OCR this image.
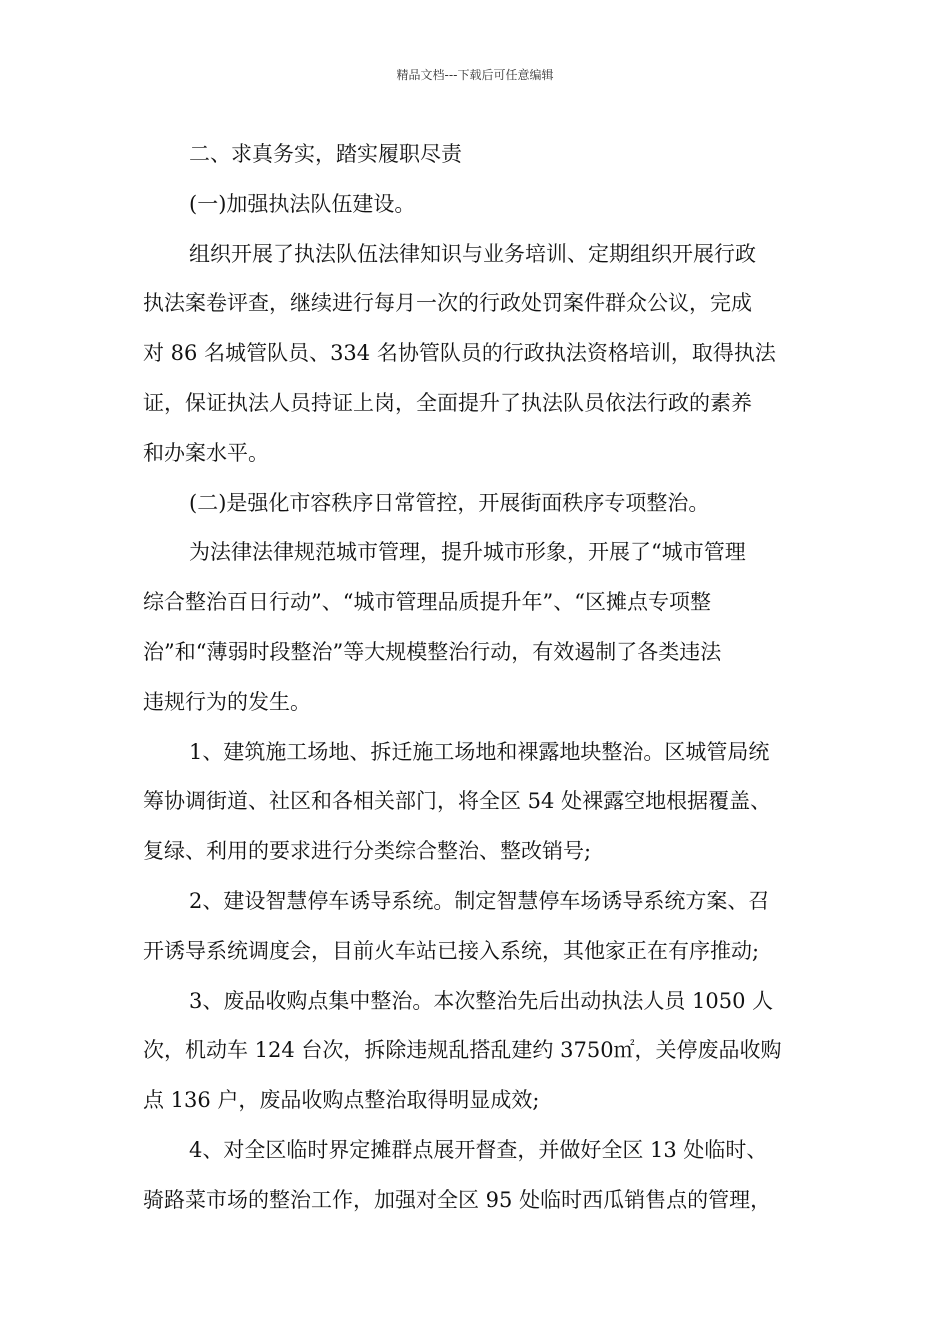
精品文档---下载后可任意编辑
二、求真务实，踏实履职尽责
(一)加强执法队伍建设。
组织开展了执法队伍法律知识与业务培训、定期组织开展行政
执法案卷评查，继续进行每月一次的行政处罚案件群众公议，完成
对 86 名城管队员、334 名协管队员的行政执法资格培训，取得执法
证，保证执法人员持证上岗，全面提升了执法队员依法行政的素养
和办案水平。
(二)是强化市容秩序日常管控，开展街面秩序专项整治。
为法律法律规范城市管理，提升城市形象，开展了“城市管理
综合整治百日行动”、“城市管理品质提升年”、“区摊点专项整
治”和“薄弱时段整治”等大规模整治行动，有效遏制了各类违法
违规行为的发生。
1、建筑施工场地、拆迁施工场地和裸露地块整治。区城管局统
筹协调街道、社区和各相关部门，将全区 54 处裸露空地根据覆盖、
复绿、利用的要求进行分类综合整治、整改销号;
2、建设智慧停车诱导系统。制定智慧停车场诱导系统方案、召
开诱导系统调度会，目前火车站已接入系统，其他家正在有序推动;
3、废品收购点集中整治。本次整治先后出动执法人员 1050 人
次，机动车 124 台次，拆除违规乱搭乱建约 3750㎡，关停废品收购
点 136 户，废品收购点整治取得明显成效;
4、对全区临时界定摊群点展开督查，并做好全区 13 处临时、
骑路菜市场的整治工作，加强对全区 95 处临时西瓜销售点的管理，
